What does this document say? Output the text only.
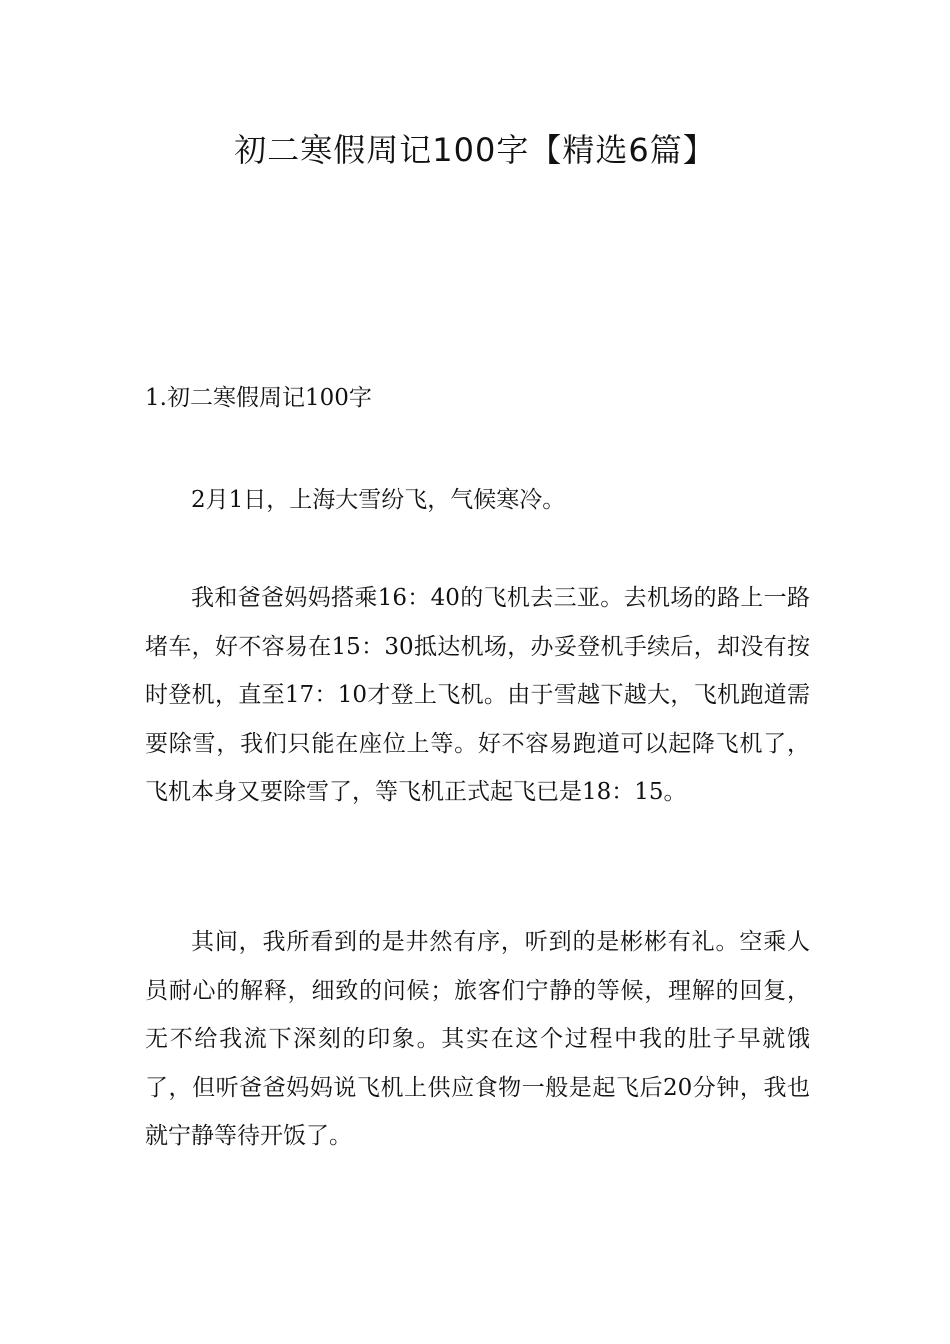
初二寒假周记100字【精选6篇】
1.初二寒假周记100字

2月1日，上海大雪纷飞，气候寒冷。

我和爸爸妈妈搭乘16：40的飞机去三亚。去机场的路上一路堵车，好不容易在15：30抵达机场，办妥登机手续后，却没有按时登机，直至17：10才登上飞机。由于雪越下越大，飞机跑道需要除雪，我们只能在座位上等。好不容易跑道可以起降飞机了，飞机本身又要除雪了，等飞机正式起飞已是18：15。

其间，我所看到的是井然有序，听到的是彬彬有礼。空乘人员耐心的解释，细致的问候；旅客们宁静的等候，理解的回复，无不给我流下深刻的印象。其实在这个过程中我的肚子早就饿了，但听爸爸妈妈说飞机上供应食物一般是起飞后20分钟，我也就宁静等待开饭了。
